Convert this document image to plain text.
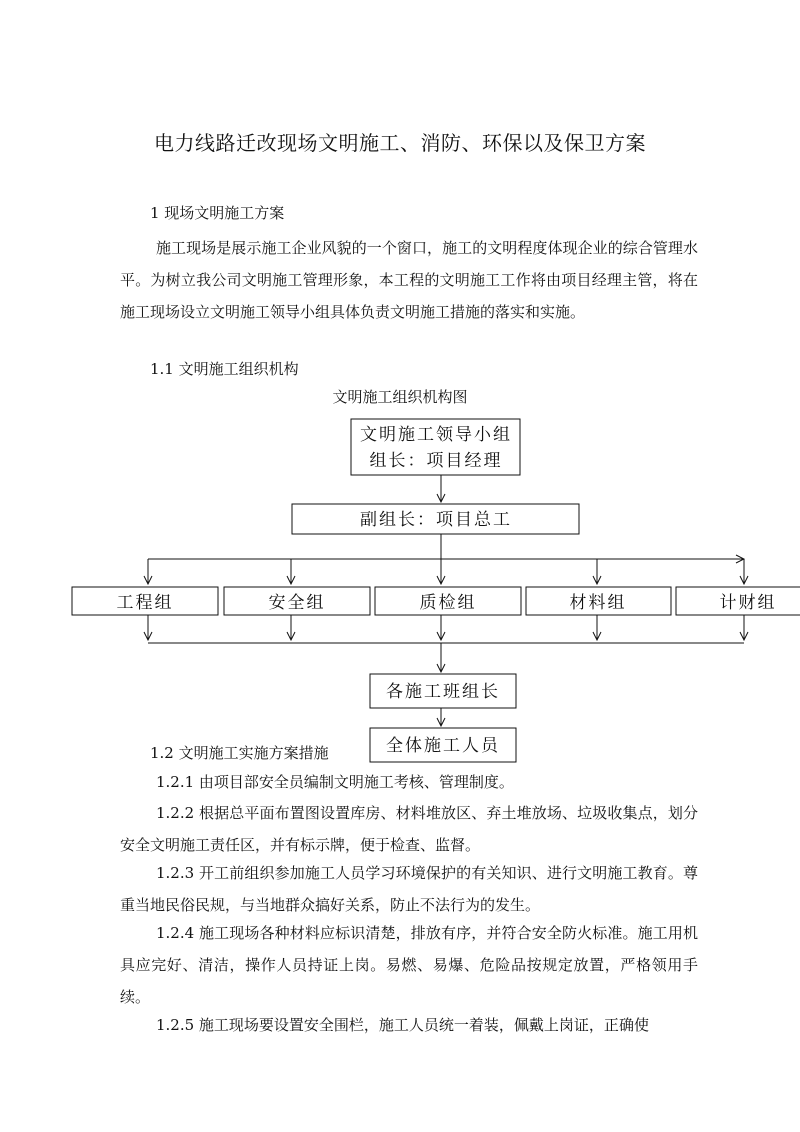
电力线路迁改现场文明施工、消防、环保以及保卫方案

1 现场文明施工方案

施工现场是展示施工企业风貌的一个窗口，施工的文明程度体现企业的综合管理水平。为树立我公司文明施工管理形象，本工程的文明施工工作将由项目经理主管，将在施工现场设立文明施工领导小组具体负责文明施工措施的落实和实施。

1.1 文明施工组织机构

文明施工组织机构图
文明施工领导小组
组长：项目经理
副组长：项目总工
工程组	安全组	质检组	材料组	计财组
各施工班组长
全体施工人员

1.2 文明施工实施方案措施

1.2.1 由项目部安全员编制文明施工考核、管理制度。

1.2.2 根据总平面布置图设置库房、材料堆放区、弃土堆放场、垃圾收集点，划分安全文明施工责任区，并有标示牌，便于检查、监督。

1.2.3 开工前组织参加施工人员学习环境保护的有关知识、进行文明施工教育。尊重当地民俗民规，与当地群众搞好关系，防止不法行为的发生。

1.2.4 施工现场各种材料应标识清楚，排放有序，并符合安全防火标准。施工用机具应完好、清洁，操作人员持证上岗。易燃、易爆、危险品按规定放置，严格领用手续。

1.2.5 施工现场要设置安全围栏，施工人员统一着装，佩戴上岗证，正确使
